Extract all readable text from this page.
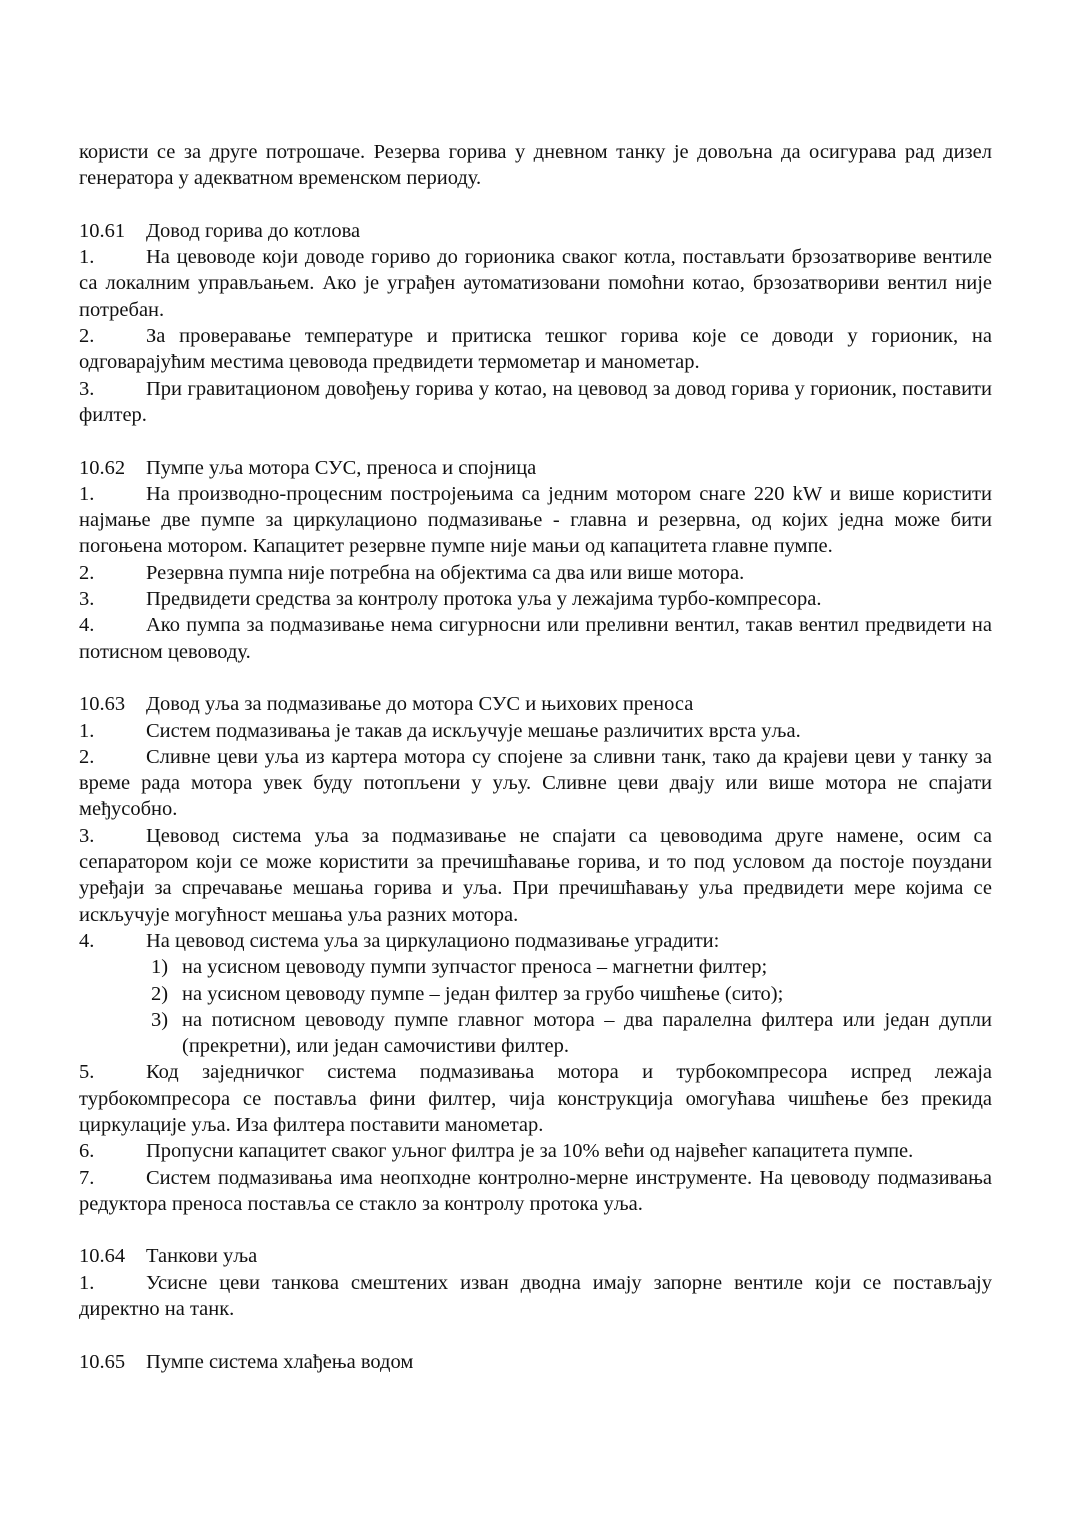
користи се за друге потрошаче. Резерва горива у дневном танку је довољна да осигурава рад дизел генератора у адекватном временском периоду.

10.61 Довод горива до котлова

1.	На цевоводе који доводе гориво до горионика сваког котла, постављати брзозатворивe вентиле са локалним управљањем. Ако је уграђен аутоматизовани помоћни котао, брзозатвориви вентил није потребан.

2.	За проверавање температуре и притиска тешког горива које се доводи у горионик, на одговарајућим местима цевовода предвидети термометар и манометар.

3.	При гравитационом довођењу горива у котао, на цевовод за довод горива у горионик, поставити филтер.

10.62 Пумпе уља мотора СУС, преноса и спојница

1.	На производно-процесним постројењима са једним мотором снаге 220 kW и више користити најмање две пумпе за циркулационо подмазивање - главна и резервна, од којих једна може бити погоњена мотором. Капацитет резервне пумпе није мањи од капацитета главне пумпе.

2.	Резервна пумпа није потребна на објектима са два или више мотора.

3.	Предвидети средства за контролу протока уља у лежајима турбо-компресора.

4.	Ако пумпа за подмазивање нема сигурносни или преливни вентил, такав вентил предвидети на потисном цевоводу.

10.63 Довод уља за подмазивање до мотора СУС и њихових преноса

1.	Систем подмазивања је такав да искључује мешање различитих врста уља.

2.	Сливне цеви уља из картера мотора су спојене за сливни танк, тако да крајеви цеви у танку за време рада мотора увек буду потопљени у уљу. Сливне цеви двају или више мотора не спајати међусобно.

3.	Цевовод система уља за подмазивање не спајати са цевоводима друге намене, осим са сепаратором који се може користити за пречишћавање горива, и то под условом да постоје поуздани уређаји за спречавање мешања горива и уља. При пречишћавању уља предвидети мере којима се искључује могућност мешања уља разних мотора.

4.	На цевовод система уља за циркулационо подмазивање уградити:

1) на усисном цевоводу пумпи зупчастог преноса – магнетни филтер;

2) на усисном цевоводу пумпе – један филтер за грубо чишћење (сито);

3) на потисном цевоводу пумпе главног мотора – два паралелна филтера или један дупли (прекретни), или један самочистиви филтер.

5.	Код заједничког система подмазивања мотора и турбокомпресора испред лежаја турбокомпресора се поставља фини филтер, чија конструкција омогућава чишћење без прекида циркулације уља. Иза филтера поставити манометар.

6.	Пропусни капацитет сваког уљног филтра је за 10% већи од највећег капацитета пумпе.

7.	Систем подмазивања има неопходне контролно-мерне инструменте. На цевоводу подмазивања редуктора преноса поставља се стакло за контролу протока уља.

10.64 Танкови уља

1.	Усисне цеви танкова смештених изван дводна имају запорне вентиле који се постављају директно на танк.

10.65 Пумпе система хлађења водом
